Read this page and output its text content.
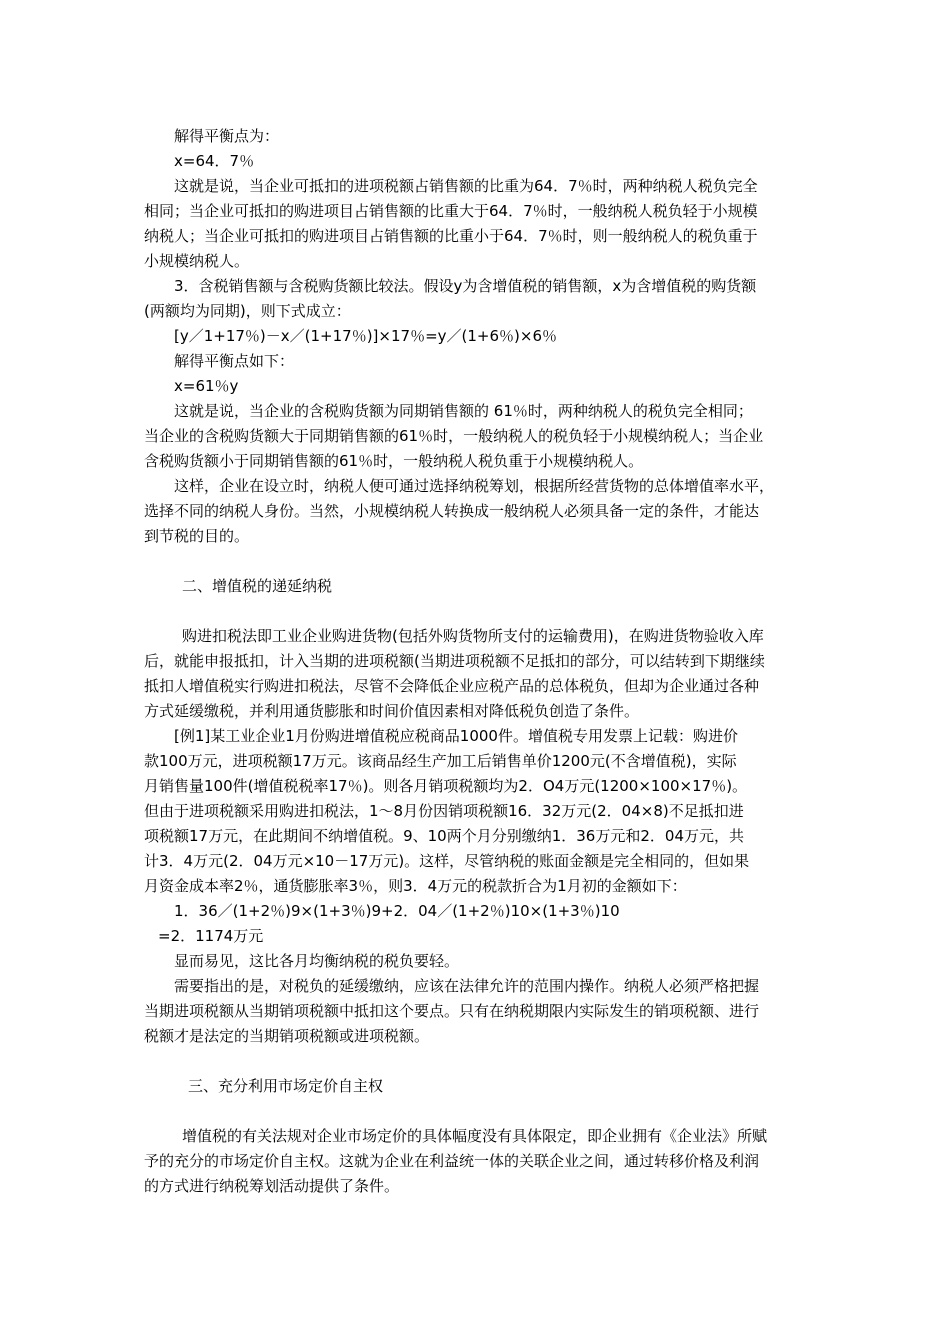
解得平衡点为：
x=64．7％
这就是说，当企业可抵扣的进项税额占销售额的比重为64．7％时，两种纳税人税负完全
相同；当企业可抵扣的购进项目占销售额的比重大于64．7％时，一般纳税人税负轻于小规模
纳税人；当企业可抵扣的购进项目占销售额的比重小于64．7％时，则一般纳税人的税负重于
小规模纳税人。
3．含税销售额与含税购货额比较法。假设y为含增值税的销售额，x为含增值税的购货额
(两额均为同期)，则下式成立：
[y／1+17％)－x／(1+17％)]×17％=y／(1+6％)×6％
解得平衡点如下：
x=61％y
这就是说，当企业的含税购货额为同期销售额的 61％时，两种纳税人的税负完全相同；
当企业的含税购货额大于同期销售额的61％时，一般纳税人的税负轻于小规模纳税人；当企业
含税购货额小于同期销售额的61％时，一般纳税人税负重于小规模纳税人。
这样，企业在设立时，纳税人便可通过选择纳税筹划，根据所经营货物的总体增值率水平，
选择不同的纳税人身份。当然，小规模纳税人转换成一般纳税人必须具备一定的条件，才能达
到节税的目的。
二、增值税的递延纳税
购进扣税法即工业企业购进货物(包括外购货物所支付的运输费用)，在购进货物验收入库
后，就能申报抵扣，计入当期的进项税额(当期进项税额不足抵扣的部分，可以结转到下期继续
抵扣人增值税实行购进扣税法，尽管不会降低企业应税产品的总体税负，但却为企业通过各种
方式延缓缴税，并利用通货膨胀和时间价值因素相对降低税负创造了条件。
[例1]某工业企业1月份购进增值税应税商品1000件。增值税专用发票上记载：购进价
款100万元，进项税额17万元。该商品经生产加工后销售单价1200元(不含增值税)，实际
月销售量100件(增值税税率17％)。则各月销项税额均为2．O4万元(1200×100×17％)。
但由于进项税额采用购进扣税法，1～8月份因销项税额16．32万元(2．04×8)不足抵扣进
项税额17万元，在此期间不纳增值税。9、10两个月分别缴纳1．36万元和2．04万元，共
计3．4万元(2．04万元×10－17万元)。这样，尽管纳税的账面金额是完全相同的，但如果
月资金成本率2％，通货膨胀率3％，则3．4万元的税款折合为1月初的金额如下：
1．36／(1+2％)9×(1+3％)9+2．04／(1+2％)10×(1+3％)10
=2．1174万元
显而易见，这比各月均衡纳税的税负要轻。
需要指出的是，对税负的延缓缴纳，应该在法律允许的范围内操作。纳税人必须严格把握
当期进项税额从当期销项税额中抵扣这个要点。只有在纳税期限内实际发生的销项税额、进行
税额才是法定的当期销项税额或进项税额。
三、充分利用市场定价自主权
增值税的有关法规对企业市场定价的具体幅度没有具体限定，即企业拥有《企业法》所赋
予的充分的市场定价自主权。这就为企业在利益统一体的关联企业之间，通过转移价格及利润
的方式进行纳税筹划活动提供了条件。
